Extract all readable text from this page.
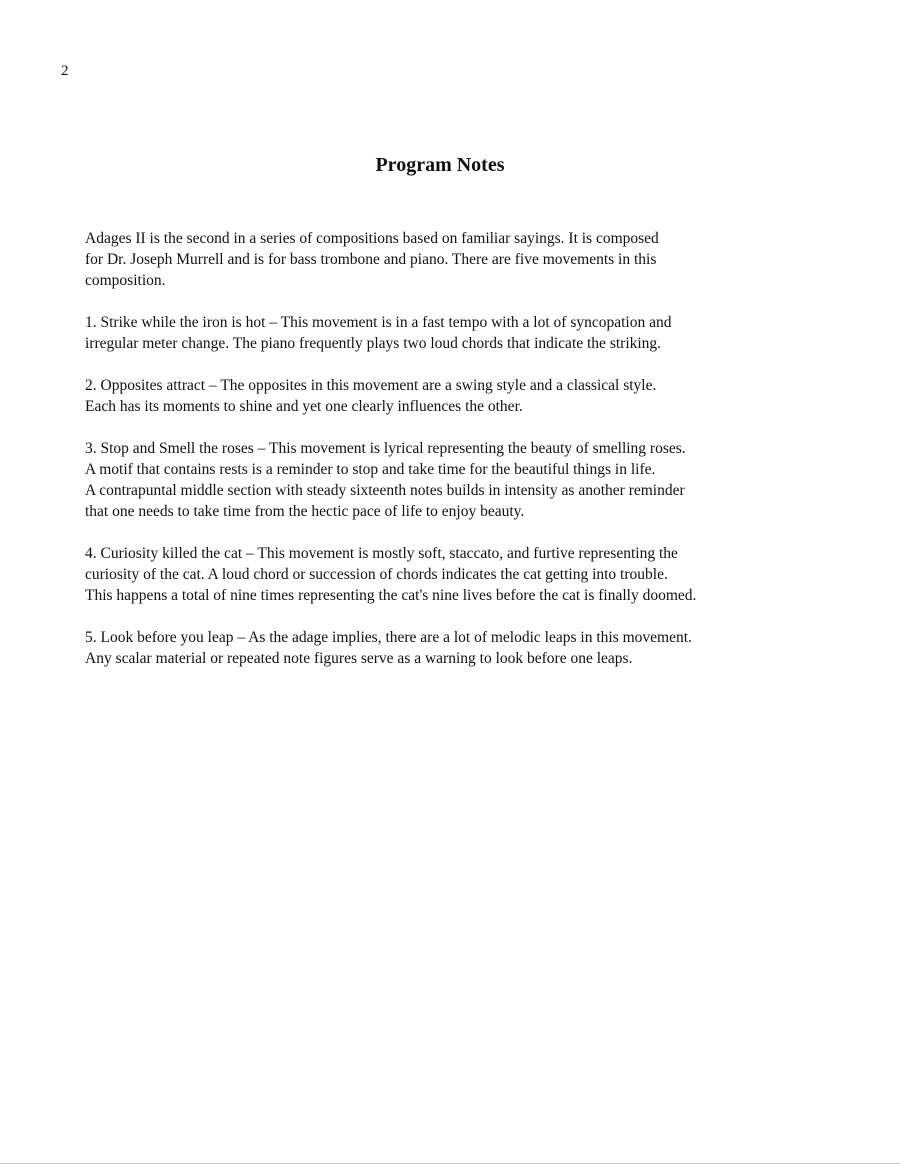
2
Program Notes

Adages II is the second in a series of compositions based on familiar sayings. It is composed
for Dr. Joseph Murrell and is for bass trombone and piano. There are five movements in this
composition.

1. Strike while the iron is hot – This movement is in a fast tempo with a lot of syncopation and
irregular meter change. The piano frequently plays two loud chords that indicate the striking.

2. Opposites attract – The opposites in this movement are a swing style and a classical style.
Each has its moments to shine and yet one clearly influences the other.

3. Stop and Smell the roses – This movement is lyrical representing the beauty of smelling roses.
A motif that contains rests is a reminder to stop and take time for the beautiful things in life.
A contrapuntal middle section with steady sixteenth notes builds in intensity as another reminder
that one needs to take time from the hectic pace of life to enjoy beauty.

4. Curiosity killed the cat – This movement is mostly soft, staccato, and furtive representing the
curiosity of the cat. A loud chord or succession of chords indicates the cat getting into trouble.
This happens a total of nine times representing the cat's nine lives before the cat is finally doomed.

5. Look before you leap – As the adage implies, there are a lot of melodic leaps in this movement.
Any scalar material or repeated note figures serve as a warning to look before one leaps.
